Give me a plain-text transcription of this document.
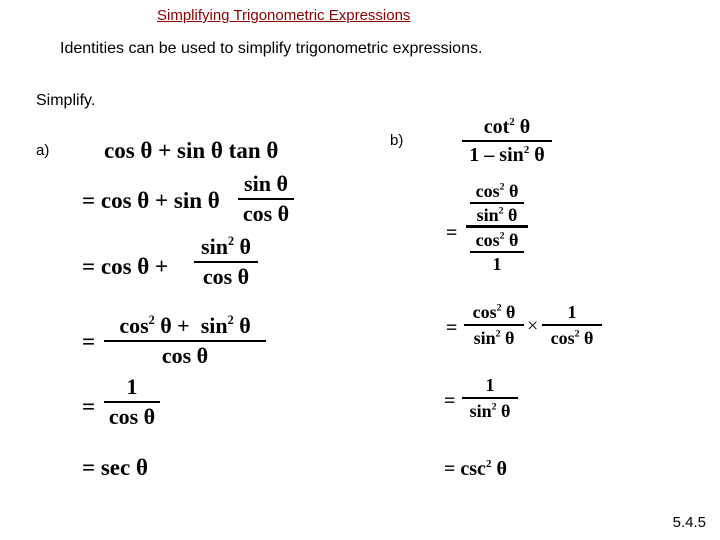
Simplifying Trigonometric Expressions
Identities can be used to simplify trigonometric expressions.
Simplify.
a) cos θ + sin θ tan θ
= cos θ + sin θ
sin θ
cos θ
= cos θ +
$\sin^2 \theta$
cos θ
=
$\cos^2 \theta + \sin^2 \theta$
cos θ
=
1
cos θ
= sec θ
b)
$\cot^2 \theta$
$1 - \sin^2 \theta$
=
$\cos^2 \theta$
$\sin^2 \theta$
$\cos^2 \theta$
1
=
$\cos^2 \theta$
$\sin^2 \theta$
×
1
$\cos^2 \theta$
=
1
$\sin^2 \theta$
= $\csc^2 \theta$
5.4.5
